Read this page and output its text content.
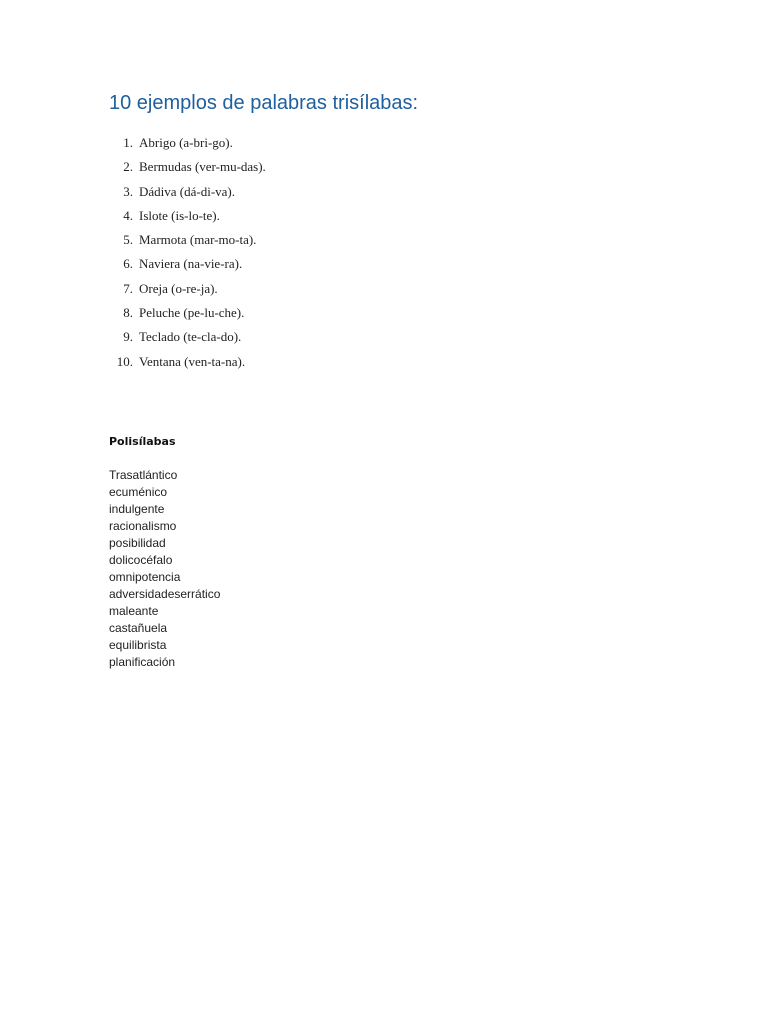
10 ejemplos de palabras trisílabas:
1. Abrigo (a-bri-go).
2. Bermudas (ver-mu-das).
3. Dádiva (dá-di-va).
4. Islote (is-lo-te).
5. Marmota (mar-mo-ta).
6. Naviera (na-vie-ra).
7. Oreja (o-re-ja).
8. Peluche (pe-lu-che).
9. Teclado (te-cla-do).
10. Ventana (ven-ta-na).
Polisílabas
Trasatlántico
ecuménico
indulgente
racionalismo
posibilidad
dolicocéfalo
omnipotencia
adversidadeserrático
maleante
castañuela
equilibrista
planificación
